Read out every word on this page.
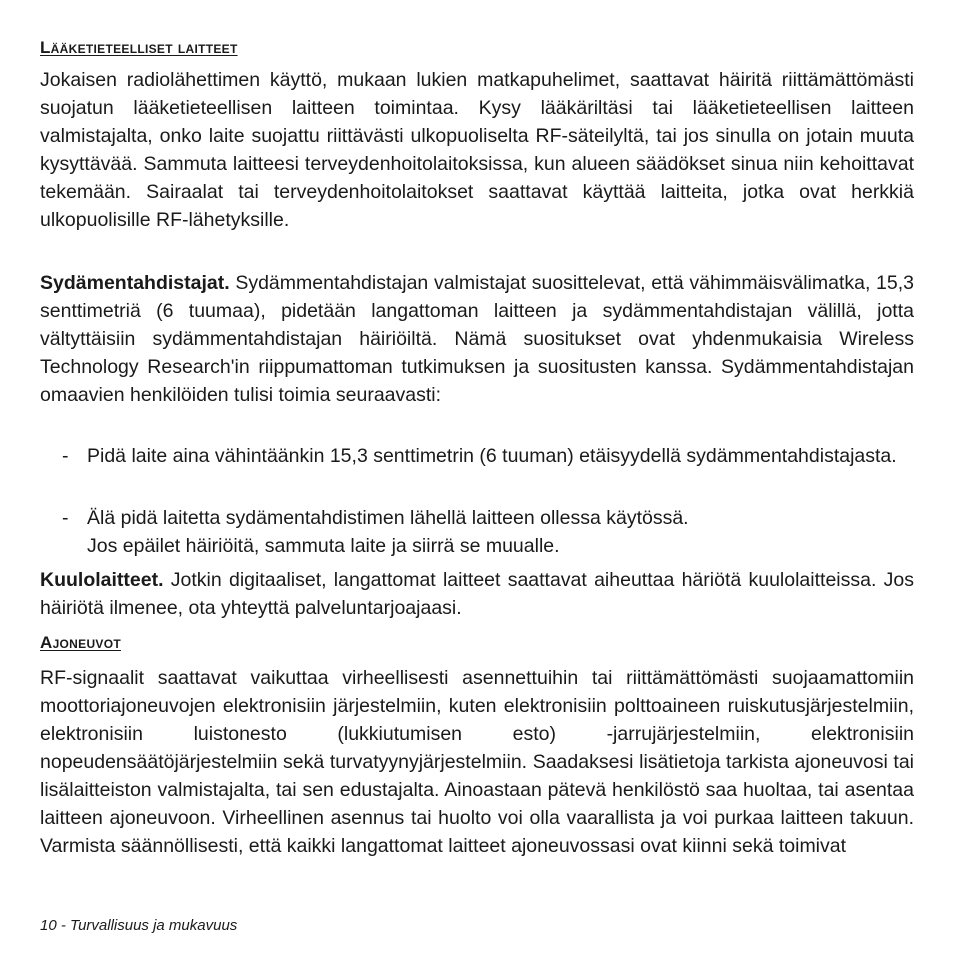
Lääketieteelliset laitteet

Jokaisen radiolähettimen käyttö, mukaan lukien matkapuhelimet, saattavat häiritä riittämättömästi suojatun lääketieteellisen laitteen toimintaa. Kysy lääkäriltäsi tai lääketieteellisen laitteen valmistajalta, onko laite suojattu riittävästi ulkopuoliselta RF-säteilyltä, tai jos sinulla on jotain muuta kysyttävää. Sammuta laitteesi terveydenhoitolaitoksissa, kun alueen säädökset sinua niin kehoittavat tekemään. Sairaalat tai terveydenhoitolaitokset saattavat käyttää laitteita, jotka ovat herkkiä ulkopuolisille RF-lähetyksille.

Sydämentahdistajat. Sydämmentahdistajan valmistajat suosittelevat, että vähimmäisvälimatka, 15,3 senttimetriä (6 tuumaa), pidetään langattoman laitteen ja sydämmentahdistajan välillä, jotta vältyttäisiin sydämmentahdistajan häiriöiltä. Nämä suositukset ovat yhdenmukaisia Wireless Technology Research'in riippumattoman tutkimuksen ja suositusten kanssa. Sydämmentahdistajan omaavien henkilöiden tulisi toimia seuraavasti:

- Pidä laite aina vähintäänkin 15,3 senttimetrin (6 tuuman) etäisyydellä sydämmentahdistajasta.
- Älä pidä laitetta sydämentahdistimen lähellä laitteen ollessa käytössä.
Jos epäilet häiriöitä, sammuta laite ja siirrä se muualle.

Kuulolaitteet. Jotkin digitaaliset, langattomat laitteet saattavat aiheuttaa häriötä kuulolaitteissa. Jos häiriötä ilmenee, ota yhteyttä palveluntarjoajaasi.

Ajoneuvot

RF-signaalit saattavat vaikuttaa virheellisesti asennettuihin tai riittämättömästi suojaamattomiin moottoriajoneuvojen elektronisiin järjestelmiin, kuten elektronisiin polttoaineen ruiskutusjärjestelmiin, elektronisiin luistonesto (lukkiutumisen esto) -jarrujärjestelmiin, elektronisiin nopeudensäätöjärjestelmiin sekä turvatyynyjärjestelmiin. Saadaksesi lisätietoja tarkista ajoneuvosi tai lisälaitteiston valmistajalta, tai sen edustajalta. Ainoastaan pätevä henkilöstö saa huoltaa, tai asentaa laitteen ajoneuvoon. Virheellinen asennus tai huolto voi olla vaarallista ja voi purkaa laitteen takuun. Varmista säännöllisesti, että kaikki langattomat laitteet ajoneuvossasi ovat kiinni sekä toimivat

10 - Turvallisuus ja mukavuus
